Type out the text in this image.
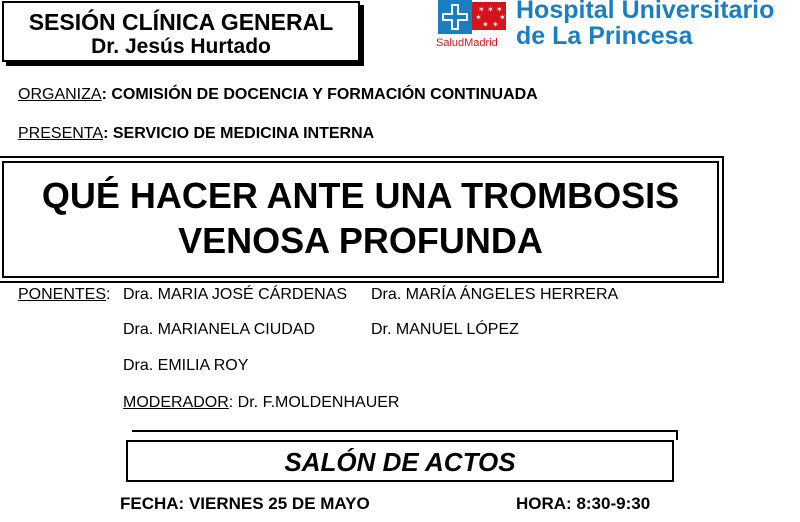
SESIÓN CLÍNICA GENERAL
Dr. Jesús Hurtado
✶ ✶ ✶
✶ ✶
✶ ✶
SaludMadrid
Hospital Universitario
de La Princesa
ORGANIZA: COMISIÓN DE DOCENCIA Y FORMACIÓN CONTINUADA
PRESENTA: SERVICIO DE MEDICINA INTERNA
QUÉ HACER ANTE UNA TROMBOSIS
VENOSA PROFUNDA
PONENTES: Dra. MARIA JOSÉ CÁRDENAS Dra. MARÍA ÁNGELES HERRERA
Dra. MARIANELA CIUDAD	Dr. MANUEL LÓPEZ
Dra. EMILIA ROY
MODERADOR: Dr. F.MOLDENHAUER
SALÓN DE ACTOS
FECHA: VIERNES 25 DE MAYO	HORA: 8:30-9:30
